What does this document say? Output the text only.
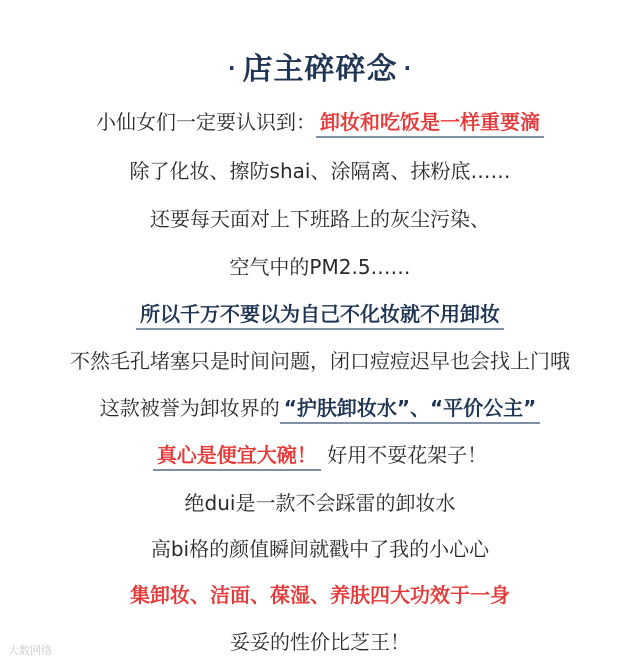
· 店主碎碎念 ·
小仙女们一定要认识到： 卸妆和吃饭是一样重要滴
除了化妆、擦防shai、涂隔离、抹粉底……
还要每天面对上下班路上的灰尘污染、
空气中的PM2.5……
所以千万不要以为自己不化妆就不用卸妆
不然毛孔堵塞只是时间问题，闭口痘痘迟早也会找上门哦
这款被誉为卸妆界的 “护肤卸妆水”、“平价公主”
真心是便宜大碗！ 好用不耍花架子！
绝dui是一款不会踩雷的卸妆水
高bi格的颜值瞬间就戳中了我的小心心
集卸妆、洁面、葆湿、养肤四大功效于一身
妥妥的性价比芝王！
大数网络
